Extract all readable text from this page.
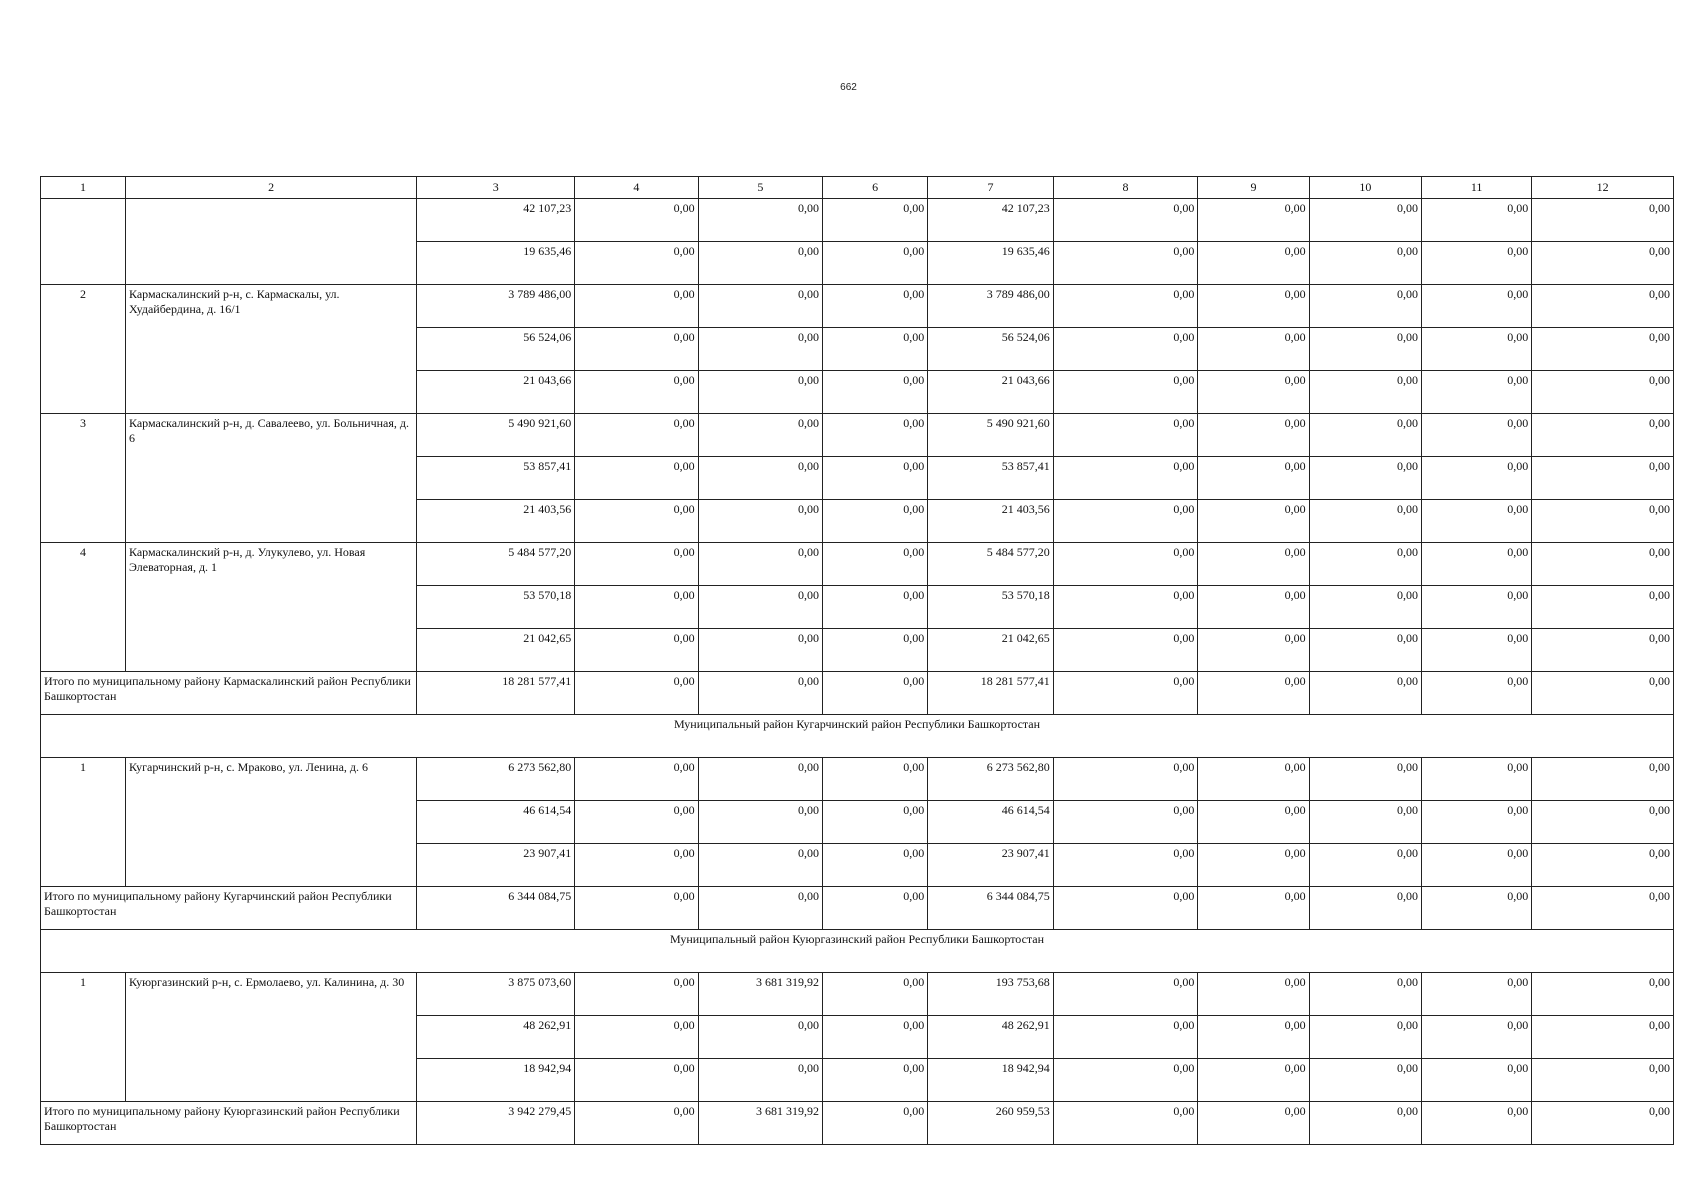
662
1	2	3	4	5	6	7	8	9	10	11	12
		42 107,23	0,00	0,00	0,00	42 107,23	0,00	0,00	0,00	0,00	0,00
		19 635,46	0,00	0,00	0,00	19 635,46	0,00	0,00	0,00	0,00	0,00
2	Кармаскалинский р-н, с. Кармаскалы, ул. Худайбердина, д. 16/1	3 789 486,00	0,00	0,00	0,00	3 789 486,00	0,00	0,00	0,00	0,00	0,00
		56 524,06	0,00	0,00	0,00	56 524,06	0,00	0,00	0,00	0,00	0,00
		21 043,66	0,00	0,00	0,00	21 043,66	0,00	0,00	0,00	0,00	0,00
3	Кармаскалинский р-н, д. Савалеево, ул. Больничная, д. 6	5 490 921,60	0,00	0,00	0,00	5 490 921,60	0,00	0,00	0,00	0,00	0,00
		53 857,41	0,00	0,00	0,00	53 857,41	0,00	0,00	0,00	0,00	0,00
		21 403,56	0,00	0,00	0,00	21 403,56	0,00	0,00	0,00	0,00	0,00
4	Кармаскалинский р-н, д. Улукулево, ул. Новая Элеваторная, д. 1	5 484 577,20	0,00	0,00	0,00	5 484 577,20	0,00	0,00	0,00	0,00	0,00
		53 570,18	0,00	0,00	0,00	53 570,18	0,00	0,00	0,00	0,00	0,00
		21 042,65	0,00	0,00	0,00	21 042,65	0,00	0,00	0,00	0,00	0,00
Итого по муниципальному району Кармаскалинский район Республики Башкортостан		18 281 577,41	0,00	0,00	0,00	18 281 577,41	0,00	0,00	0,00	0,00	0,00
Муниципальный район Кугарчинский район Республики Башкортостан											
1	Кугарчинский р-н, с. Мраково, ул. Ленина, д. 6	6 273 562,80	0,00	0,00	0,00	6 273 562,80	0,00	0,00	0,00	0,00	0,00
		46 614,54	0,00	0,00	0,00	46 614,54	0,00	0,00	0,00	0,00	0,00
		23 907,41	0,00	0,00	0,00	23 907,41	0,00	0,00	0,00	0,00	0,00
Итого по муниципальному району Кугарчинский район Республики Башкортостан		6 344 084,75	0,00	0,00	0,00	6 344 084,75	0,00	0,00	0,00	0,00	0,00
Муниципальный район Куюргазинский район Республики Башкортостан											
1	Куюргазинский р-н, с. Ермолаево, ул. Калинина, д. 30	3 875 073,60	0,00	3 681 319,92	0,00	193 753,68	0,00	0,00	0,00	0,00	0,00
		48 262,91	0,00	0,00	0,00	48 262,91	0,00	0,00	0,00	0,00	0,00
		18 942,94	0,00	0,00	0,00	18 942,94	0,00	0,00	0,00	0,00	0,00
Итого по муниципальному району Куюргазинский район Республики Башкортостан		3 942 279,45	0,00	3 681 319,92	0,00	260 959,53	0,00	0,00	0,00	0,00	0,00
